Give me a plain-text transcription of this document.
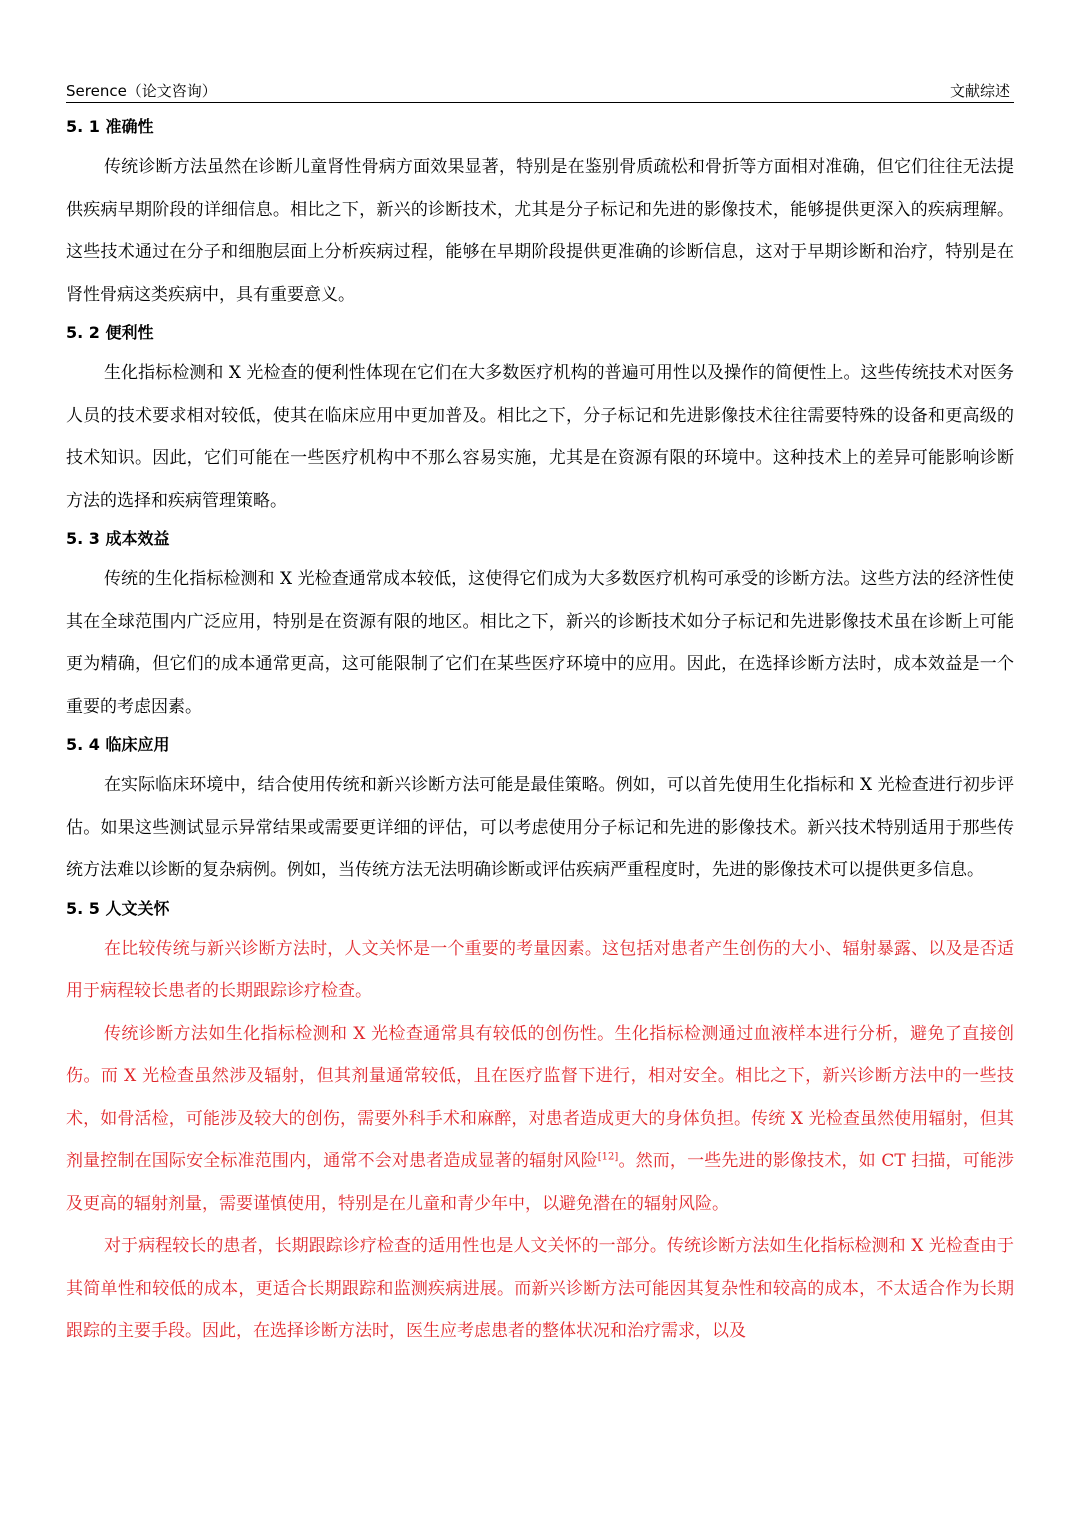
Serence（论文咨询）	文献综述
5. 1 准确性

传统诊断方法虽然在诊断儿童肾性骨病方面效果显著，特别是在鉴别骨质疏松和骨折等方面相对准确，但它们往往无法提供疾病早期阶段的详细信息。相比之下，新兴的诊断技术，尤其是分子标记和先进的影像技术，能够提供更深入的疾病理解。这些技术通过在分子和细胞层面上分析疾病过程，能够在早期阶段提供更准确的诊断信息，这对于早期诊断和治疗，特别是在肾性骨病这类疾病中，具有重要意义。

5. 2 便利性

生化指标检测和 X 光检查的便利性体现在它们在大多数医疗机构的普遍可用性以及操作的简便性上。这些传统技术对医务人员的技术要求相对较低，使其在临床应用中更加普及。相比之下，分子标记和先进影像技术往往需要特殊的设备和更高级的技术知识。因此，它们可能在一些医疗机构中不那么容易实施，尤其是在资源有限的环境中。这种技术上的差异可能影响诊断方法的选择和疾病管理策略。

5. 3 成本效益

传统的生化指标检测和 X 光检查通常成本较低，这使得它们成为大多数医疗机构可承受的诊断方法。这些方法的经济性使其在全球范围内广泛应用，特别是在资源有限的地区。相比之下，新兴的诊断技术如分子标记和先进影像技术虽在诊断上可能更为精确，但它们的成本通常更高，这可能限制了它们在某些医疗环境中的应用。因此，在选择诊断方法时，成本效益是一个重要的考虑因素。

5. 4 临床应用

在实际临床环境中，结合使用传统和新兴诊断方法可能是最佳策略。例如，可以首先使用生化指标和 X 光检查进行初步评估。如果这些测试显示异常结果或需要更详细的评估，可以考虑使用分子标记和先进的影像技术。新兴技术特别适用于那些传统方法难以诊断的复杂病例。例如，当传统方法无法明确诊断或评估疾病严重程度时，先进的影像技术可以提供更多信息。

5. 5 人文关怀

在比较传统与新兴诊断方法时，人文关怀是一个重要的考量因素。这包括对患者产生创伤的大小、辐射暴露、以及是否适用于病程较长患者的长期跟踪诊疗检查。

传统诊断方法如生化指标检测和 X 光检查通常具有较低的创伤性。生化指标检测通过血液样本进行分析，避免了直接创伤。而 X 光检查虽然涉及辐射，但其剂量通常较低，且在医疗监督下进行，相对安全。相比之下，新兴诊断方法中的一些技术，如骨活检，可能涉及较大的创伤，需要外科手术和麻醉，对患者造成更大的身体负担。传统 X 光检查虽然使用辐射，但其剂量控制在国际安全标准范围内，通常不会对患者造成显著的辐射风险[12]。然而，一些先进的影像技术，如 CT 扫描，可能涉及更高的辐射剂量，需要谨慎使用，特别是在儿童和青少年中，以避免潜在的辐射风险。

对于病程较长的患者，长期跟踪诊疗检查的适用性也是人文关怀的一部分。传统诊断方法如生化指标检测和 X 光检查由于其简单性和较低的成本，更适合长期跟踪和监测疾病进展。而新兴诊断方法可能因其复杂性和较高的成本，不太适合作为长期跟踪的主要手段。因此，在选择诊断方法时，医生应考虑患者的整体状况和治疗需求，以及
